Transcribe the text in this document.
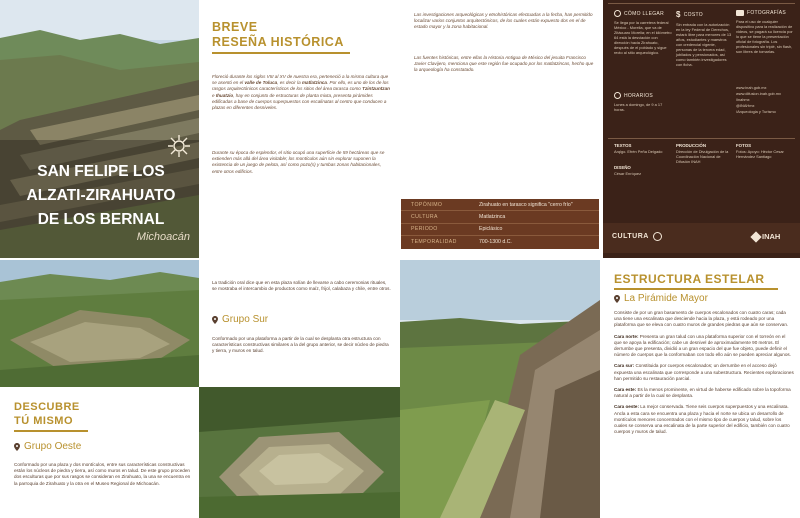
SAN FELIPE LOS
ALZATI-ZIRAHUATO
DE LOS BERNAL
Michoacán
BREVE
RESEÑA HISTÓRICA
Floreció durante los siglos VIII al XV de nuestra era, perteneció a la misma cultura que se asentó en el valle de Toluca, es decir la matlatzinca. Por ello, es uno de los de los rasgos arquitectónicos característicos de los sitios del área tarasca como Tzintzuntzan e Ihuatzio, hay en conjunto de estructuras de planta mixta, presenta pirámides edificadas a base de cuerpos superpuestos con escalinatas al centro que conducen a plazas en diferentes desniveles.
Durante su época de esplendor, el sitio ocupó una superficie de 59 hectáreas que se extienden más allá del área visitable; los montículos aún sin explorar suponen la existencia de un juego de pelota, así como pozo(s) y tumbas zonas habitacionales, entre otros edificios.
Las investigaciones arqueológicas y etnohistóricas efectuadas a la fecha, han permitido localizar varios conjuntos arquitectónicos, de los cuales están expuesto dos en el de estado mayor y la zona habitacional.
Las fuentes históricas, entre ellas la Historia Antigua de México del jesuita Francisco Javier Clavijero, menciona que este región fue ocupado por los matlatzincas, hecho que la arqueología ha constatado.
TOPÓNIMO	Zirahuato en tarasco significa "cerro frío"
CULTURA	Matlatzinca
PERIODO	Epiclásico
TEMPORALIDAD	700-1300 d.C.
CÓMO LLEGAR
Se llega por la carretera federal México - Morelia, que va de Zitácuaro Morelia; en el kilómetro 64 está la desviación con dirección hacia Zirahuato, después de el poblado y sigue recto al sitio arqueológico.
$ COSTO
Sin entrada con la autorización en la ley Federal de Derechos, estará libre para menores de 13 años, estudiantes y maestros con credencial vigente, personas de la tercera edad, jubilados y pensionados, así como también investigadores con ficha.
FOTOGRAFÍAS
Para el uso de cualquier dispositivo para la realización de videos, se pagará su licencia por lo que se tiene la presentación oficial de fotografía. Los profesionales sin tripié, sin flash, son libres de tomarlas.
HORARIOS
Lunes a domingo, de 9 a 17 horas.
www.inah.gob.mx
www.difusion.inah.gob.mx
/inahmx
@INAHmx
/Arqueologia y Turismo
TEXTOS
Arqlgo. Efrén Peña Delgado
PRODUCCIÓN
Dirección de Divulgación de la Coordinación Nacional de Difusión INAH
FOTOS
Fotos: Apoyo: Héctor Cesar Hernández Santiago
DISEÑO
César Enríquez
CULTURA	INAH
La tradición oral dice que en esta plaza solían de llevarse a cabo ceremonias rituales, se mostraba el intercambio de productos como maíz, frijol, calabaza y chile, entre otros.
Grupo Sur
Conformado por una plataforma a partir de la cual se desplanta otra estructura con características constructivas similares a la del grupo anterior, se decir núcleo de piedra y tierra, y muros en talud.
DESCUBRE
TÚ MISMO
Grupo Oeste
Conformado por una plaza y dos montículos, entre sus características constructivas están los núcleos de piedra y tierra, así como muros en talud. De este grupo proceden dos esculturas que por sus rasgos se consideran en Zirahuato, la una se encuentra en la parroquia de Zirahuato y la otra en el Museo Regional de Michoacán.
ESTRUCTURA ESTELAR
La Pirámide Mayor
Consiste de por un gran basamento de cuerpos escalonados con cuatro caras; cada una tiene una escalinata que desciende hacia la plaza, y está rodeado por una plataforma que se eleva con cuatro muros de grandes piedras que aún se conservan.
Cara norte: Presenta un gran talud con una plataforma superior con el torreón en el que se apoya la edificación; cabe un desnivel de aproximadamente 90 metros. El derrumbe que presenta, dividió a un gran espacio del que fue objeto, puede definir el número de cuerpos que la conformaban con todo ello aún se pueden apreciar algunos.
Cara sur: Constituida por cuerpos escalonados; un derrumbe en el acceso dejó expuesta una escalinata que corresponde a una subestructura. Recientes exploraciones han permitido su restauración parcial.
Cara este: Es la menos prominente, en virtud de haberse edificado sobre la topoforma natural a partir de la cual se desplanta.
Cara oeste: La mejor conservada. Tiene seis cuerpos superpuestos y una escalinata. Ancla a esta cara se encuentra una plaza y hacia el norte se ubica un desarrollo de montículos menores concentrados con el mismo tipo de cuerpos y talud, sobre los cuales se conserva una escalinata de la parte superior del edificio, también con cuatro cuerpos y muros de talud.
